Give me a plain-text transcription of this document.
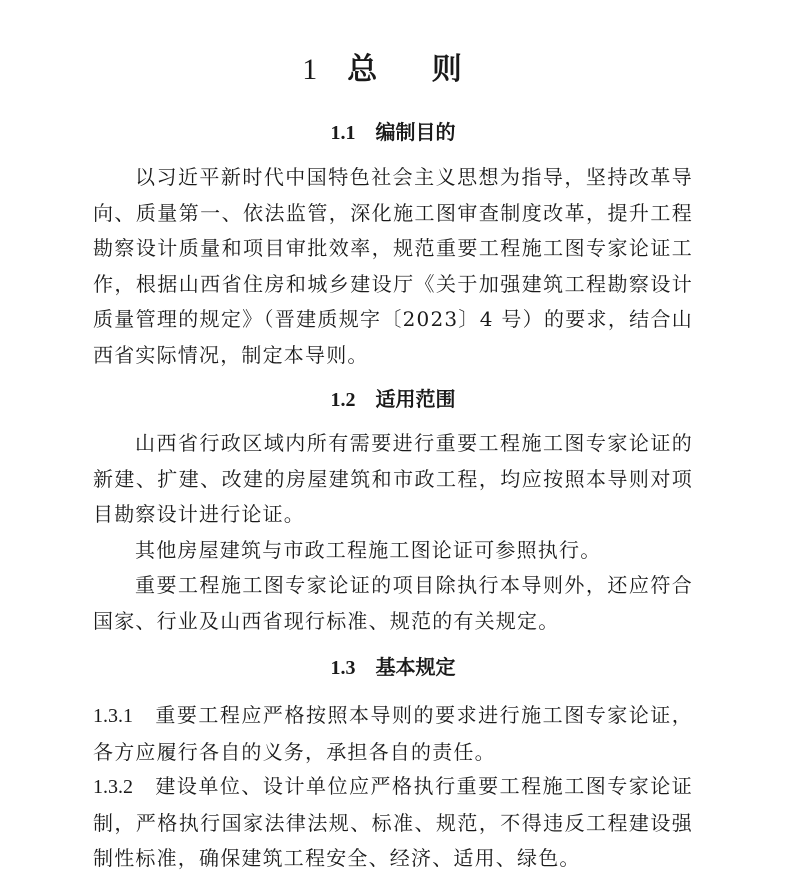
1 总 则
1.1 编制目的
以习近平新时代中国特色社会主义思想为指导，坚持改革导向、质量第一、依法监管，深化施工图审查制度改革，提升工程勘察设计质量和项目审批效率，规范重要工程施工图专家论证工作，根据山西省住房和城乡建设厅《关于加强建筑工程勘察设计质量管理的规定》（晋建质规字〔2023〕4 号）的要求，结合山西省实际情况，制定本导则。
1.2 适用范围
山西省行政区域内所有需要进行重要工程施工图专家论证的新建、扩建、改建的房屋建筑和市政工程，均应按照本导则对项目勘察设计进行论证。
其他房屋建筑与市政工程施工图论证可参照执行。
重要工程施工图专家论证的项目除执行本导则外，还应符合国家、行业及山西省现行标准、规范的有关规定。
1.3 基本规定
1.3.1 重要工程应严格按照本导则的要求进行施工图专家论证，各方应履行各自的义务，承担各自的责任。
1.3.2 建设单位、设计单位应严格执行重要工程施工图专家论证制，严格执行国家法律法规、标准、规范，不得违反工程建设强制性标准，确保建筑工程安全、经济、适用、绿色。
